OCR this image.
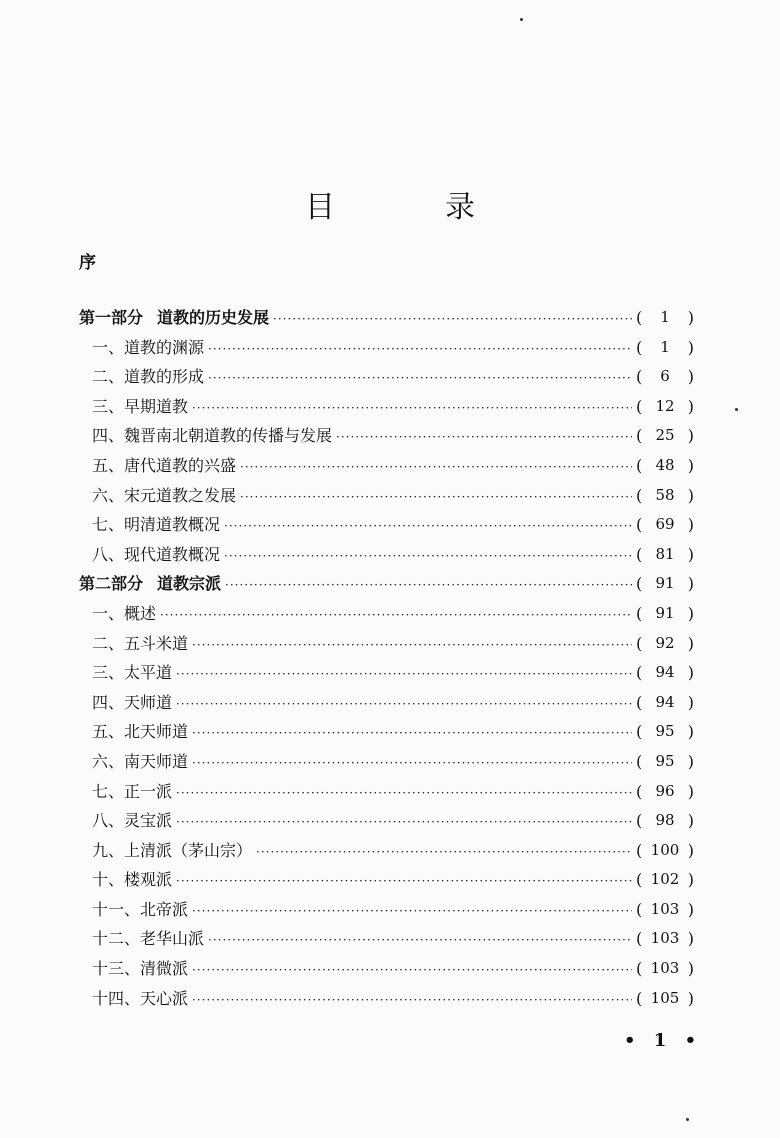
目　录
序
第一部分 道教的历史发展 ·····	(	1	)
一、道教的渊源 ·····	(	1	)
二、道教的形成 ·····	(	6	)
三、早期道教 ·····	( 12 )
四、魏晋南北朝道教的传播与发展 ·····	( 25 )
五、唐代道教的兴盛 ·····	( 48 )
六、宋元道教之发展 ·····	( 58 )
七、明清道教概况 ·····	( 69 )
八、现代道教概况 ·····	( 81 )
第二部分 道教宗派 ·····	( 91 )
一、概述 ·····	( 91 )
二、五斗米道 ·····	( 92 )
三、太平道 ·····	( 94 )
四、天师道 ·····	( 94 )
五、北天师道 ·····	( 95 )
六、南天师道 ·····	( 95 )
七、正一派 ·····	( 96 )
八、灵宝派 ·····	( 98 )
九、上清派（茅山宗） ·····	( 100 )
十、楼观派 ·····	( 102 )
十一、北帝派 ·····	( 103 )
十二、老华山派 ·····	( 103 )
十三、清微派 ·····	( 103 )
十四、天心派 ·····	( 105 )
• 1 •
